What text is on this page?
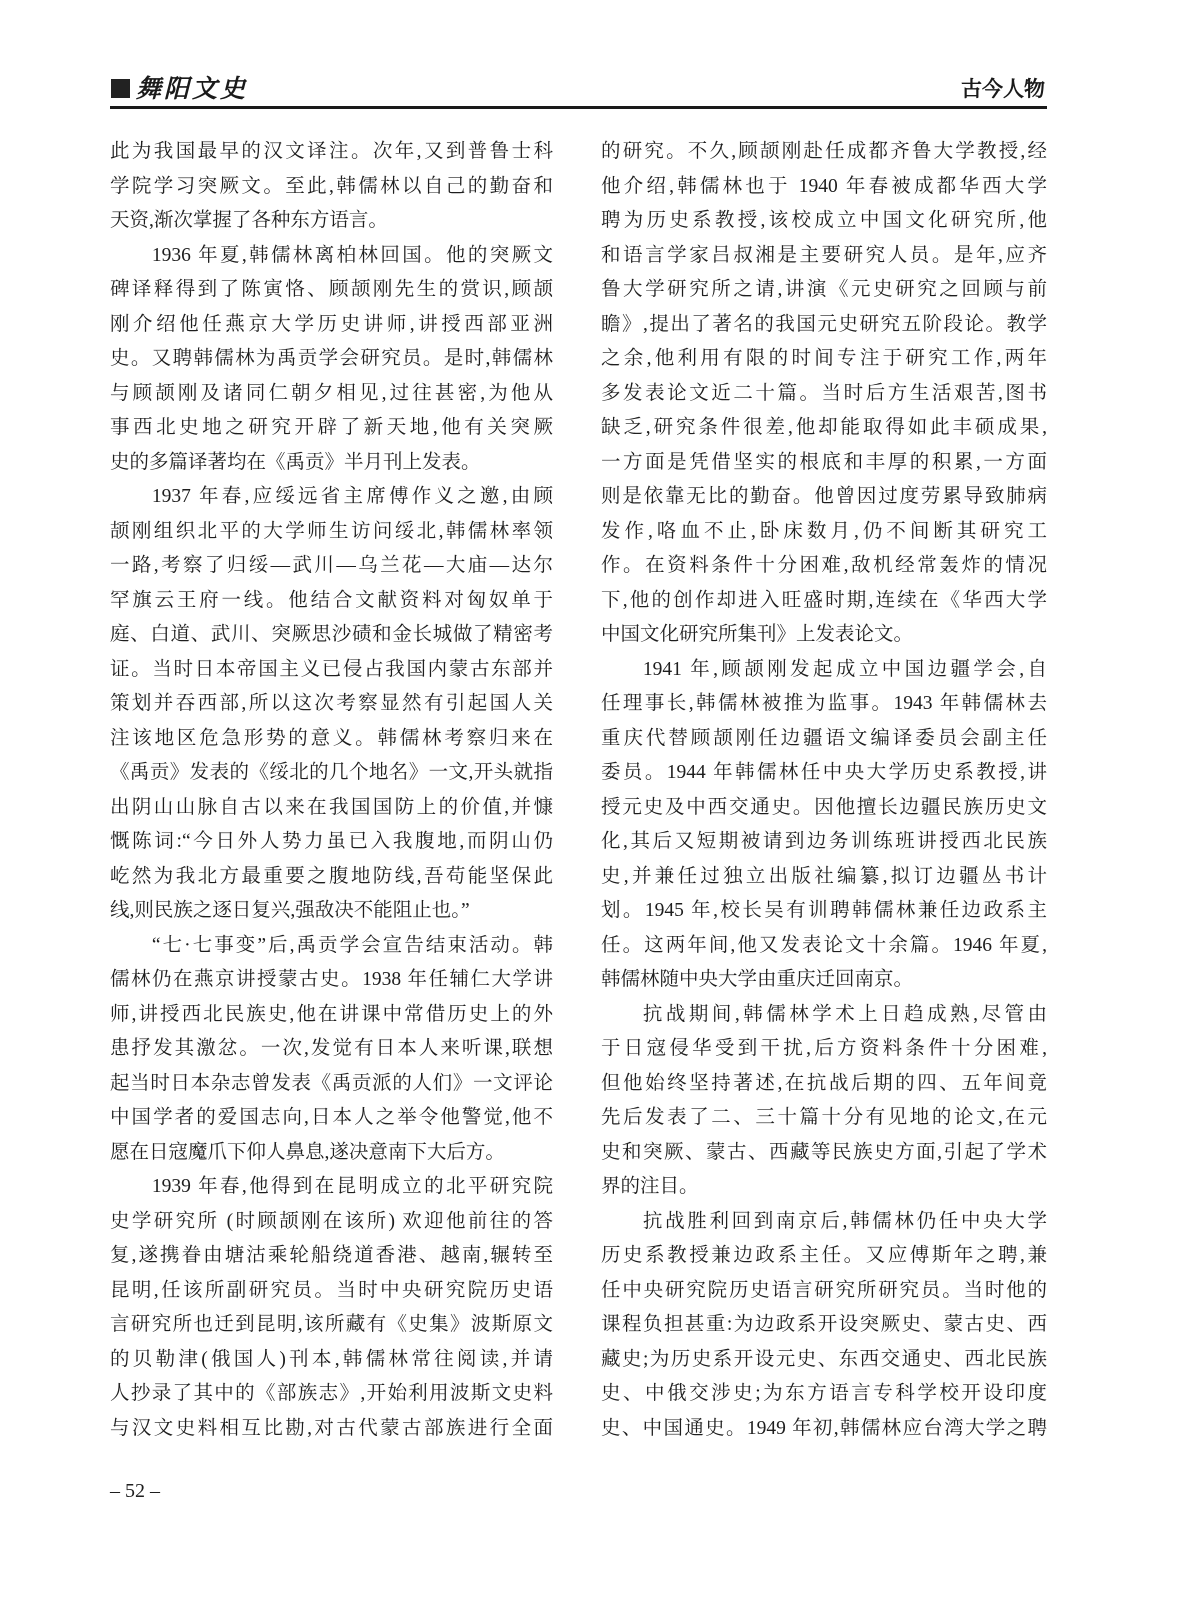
舞阳文史	古今人物
此为我国最早的汉文译注。次年,又到普鲁士科
学院学习突厥文。至此,韩儒林以自己的勤奋和
天资,渐次掌握了各种东方语言。
1936 年夏,韩儒林离柏林回国。他的突厥文
碑译释得到了陈寅恪、顾颉刚先生的赏识,顾颉
刚介绍他任燕京大学历史讲师,讲授西部亚洲
史。又聘韩儒林为禹贡学会研究员。是时,韩儒林
与顾颉刚及诸同仁朝夕相见,过往甚密,为他从
事西北史地之研究开辟了新天地,他有关突厥
史的多篇译著均在《禹贡》半月刊上发表。
1937 年春,应绥远省主席傅作义之邀,由顾
颉刚组织北平的大学师生访问绥北,韩儒林率领
一路,考察了归绥—武川—乌兰花—大庙—达尔
罕旗云王府一线。他结合文献资料对匈奴单于
庭、白道、武川、突厥思沙碛和金长城做了精密考
证。当时日本帝国主义已侵占我国内蒙古东部并
策划并吞西部,所以这次考察显然有引起国人关
注该地区危急形势的意义。韩儒林考察归来在
《禹贡》发表的《绥北的几个地名》一文,开头就指
出阴山山脉自古以来在我国国防上的价值,并慷
慨陈词:“今日外人势力虽已入我腹地,而阴山仍
屹然为我北方最重要之腹地防线,吾苟能坚保此
线,则民族之逐日复兴,强敌决不能阻止也。”
“七·七事变”后,禹贡学会宣告结束活动。韩
儒林仍在燕京讲授蒙古史。1938 年任辅仁大学讲
师,讲授西北民族史,他在讲课中常借历史上的外
患抒发其激忿。一次,发觉有日本人来听课,联想
起当时日本杂志曾发表《禹贡派的人们》一文评论
中国学者的爱国志向,日本人之举令他警觉,他不
愿在日寇魔爪下仰人鼻息,遂决意南下大后方。
1939 年春,他得到在昆明成立的北平研究院
史学研究所 (时顾颉刚在该所) 欢迎他前往的答
复,遂携眷由塘沽乘轮船绕道香港、越南,辗转至
昆明,任该所副研究员。当时中央研究院历史语
言研究所也迁到昆明,该所藏有《史集》波斯原文
的贝勒津(俄国人)刊本,韩儒林常往阅读,并请
人抄录了其中的《部族志》,开始利用波斯文史料
与汉文史料相互比勘,对古代蒙古部族进行全面
的研究。不久,顾颉刚赴任成都齐鲁大学教授,经
他介绍,韩儒林也于 1940 年春被成都华西大学
聘为历史系教授,该校成立中国文化研究所,他
和语言学家吕叔湘是主要研究人员。是年,应齐
鲁大学研究所之请,讲演《元史研究之回顾与前
瞻》,提出了著名的我国元史研究五阶段论。教学
之余,他利用有限的时间专注于研究工作,两年
多发表论文近二十篇。当时后方生活艰苦,图书
缺乏,研究条件很差,他却能取得如此丰硕成果,
一方面是凭借坚实的根底和丰厚的积累,一方面
则是依靠无比的勤奋。他曾因过度劳累导致肺病
发作,咯血不止,卧床数月,仍不间断其研究工
作。在资料条件十分困难,敌机经常轰炸的情况
下,他的创作却进入旺盛时期,连续在《华西大学
中国文化研究所集刊》上发表论文。
1941 年,顾颉刚发起成立中国边疆学会,自
任理事长,韩儒林被推为监事。1943 年韩儒林去
重庆代替顾颉刚任边疆语文编译委员会副主任
委员。1944 年韩儒林任中央大学历史系教授,讲
授元史及中西交通史。因他擅长边疆民族历史文
化,其后又短期被请到边务训练班讲授西北民族
史,并兼任过独立出版社编纂,拟订边疆丛书计
划。1945 年,校长吴有训聘韩儒林兼任边政系主
任。这两年间,他又发表论文十余篇。1946 年夏,
韩儒林随中央大学由重庆迁回南京。
抗战期间,韩儒林学术上日趋成熟,尽管由
于日寇侵华受到干扰,后方资料条件十分困难,
但他始终坚持著述,在抗战后期的四、五年间竟
先后发表了二、三十篇十分有见地的论文,在元
史和突厥、蒙古、西藏等民族史方面,引起了学术
界的注目。
抗战胜利回到南京后,韩儒林仍任中央大学
历史系教授兼边政系主任。又应傅斯年之聘,兼
任中央研究院历史语言研究所研究员。当时他的
课程负担甚重:为边政系开设突厥史、蒙古史、西
藏史;为历史系开设元史、东西交通史、西北民族
史、中俄交涉史;为东方语言专科学校开设印度
史、中国通史。1949 年初,韩儒林应台湾大学之聘
– 52 –
